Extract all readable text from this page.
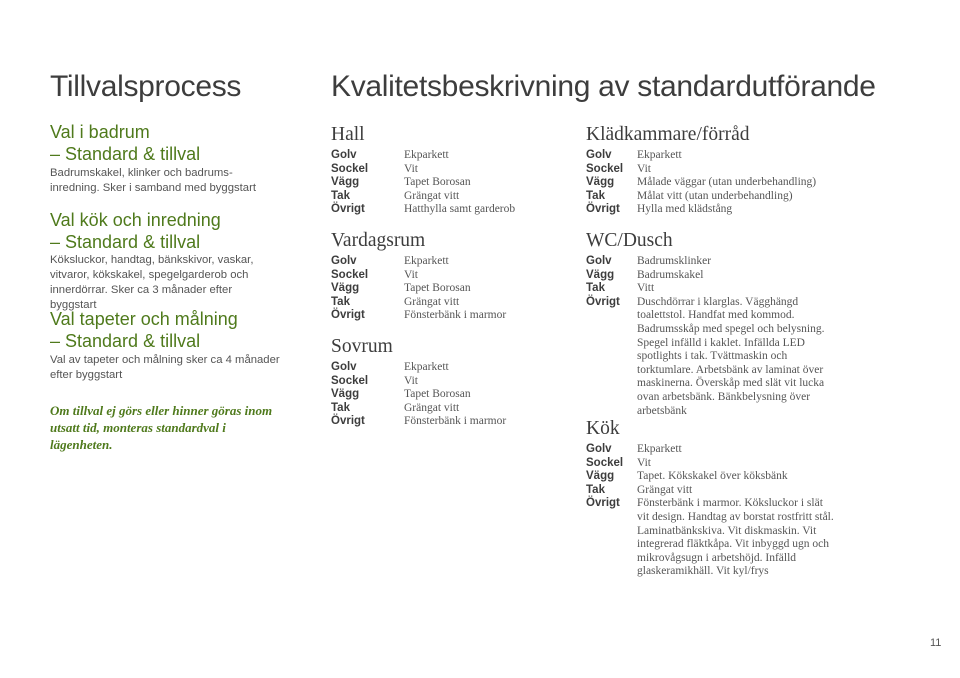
Tillvalsprocess
Val i badrum
– Standard & tillval
Badrumskakel, klinker och badrums-inredning. Sker i samband med byggstart
Val kök och inredning
– Standard & tillval
Köksluckor, handtag, bänkskivor, vaskar, vitvaror, kökskakel, spegelgarderob och innerdörrar. Sker ca 3 månader efter byggstart
Val tapeter och målning
– Standard & tillval
Val av tapeter och målning sker ca 4 månader efter byggstart
Om tillval ej görs eller hinner göras inom utsatt tid, monteras standardval i lägenheten.
Kvalitetsbeskrivning av standardutförande
Hall
Golv	Ekparkett
Sockel	Vit
Vägg	Tapet Borosan
Tak	Grängat vitt
Övrigt	Hatthylla samt garderob
Vardagsrum
Golv	Ekparkett
Sockel	Vit
Vägg	Tapet Borosan
Tak	Grängat vitt
Övrigt	Fönsterbänk i marmor
Sovrum
Golv	Ekparkett
Sockel	Vit
Vägg	Tapet Borosan
Tak	Grängat vitt
Övrigt	Fönsterbänk i marmor
Klädkammare/förråd
Golv	Ekparkett
Sockel	Vit
Vägg	Målade väggar (utan underbehandling)
Tak	Målat vitt (utan underbehandling)
Övrigt	Hylla med klädstång
WC/Dusch
Golv	Badrumsklinker
Vägg	Badrumskakel
Tak	Vitt
Övrigt	Duschdörrar i klarglas. Vägghängd toalettstol. Handfat med kommod. Badrumsskåp med spegel och belysning. Spegel infälld i kaklet. Infällda LED spotlights i tak. Tvättmaskin och torktumlare. Arbetsbänk av laminat över maskinerna. Överskåp med slät vit lucka ovan arbetsbänk. Bänkbelysning över arbetsbänk
Kök
Golv	Ekparkett
Sockel	Vit
Vägg	Tapet. Kökskakel över köksbänk
Tak	Grängat vitt
Övrigt	Fönsterbänk i marmor. Köksluckor i slät vit design. Handtag av borstat rostfritt stål. Laminatbänkskiva. Vit diskmaskin. Vit integrerad fläktkåpa. Vit inbyggd ugn och mikrovågsugn i arbetshöjd. Infälld glaskeramikhäll. Vit kyl/frys
11
